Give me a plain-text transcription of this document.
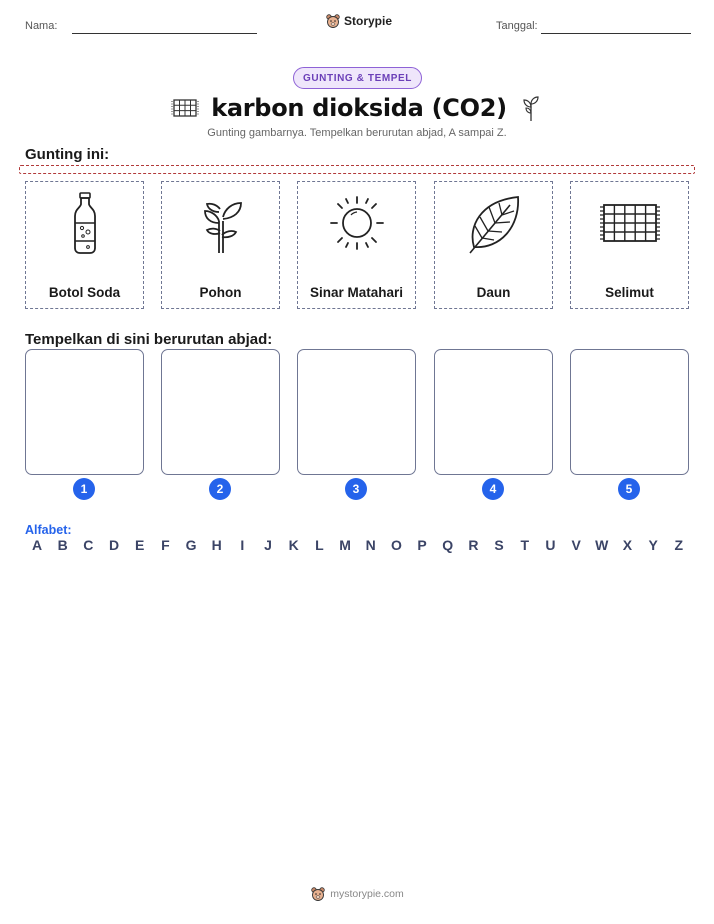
Nama:	Storypie	Tanggal:
GUNTING & TEMPEL
karbon dioksida (CO2)
Gunting gambarnya. Tempelkan berurutan abjad, A sampai Z.
Gunting ini:
Botol Soda	Pohon	Sinar Matahari	Daun	Selimut
Tempelkan di sini berurutan abjad:
1	2	3	4	5
Alfabet:
A B C D	E	F	G H	I	J	K	L	M N O	P	Q R	S	T	U	V	W	X	Y	Z
mystorypie.com
